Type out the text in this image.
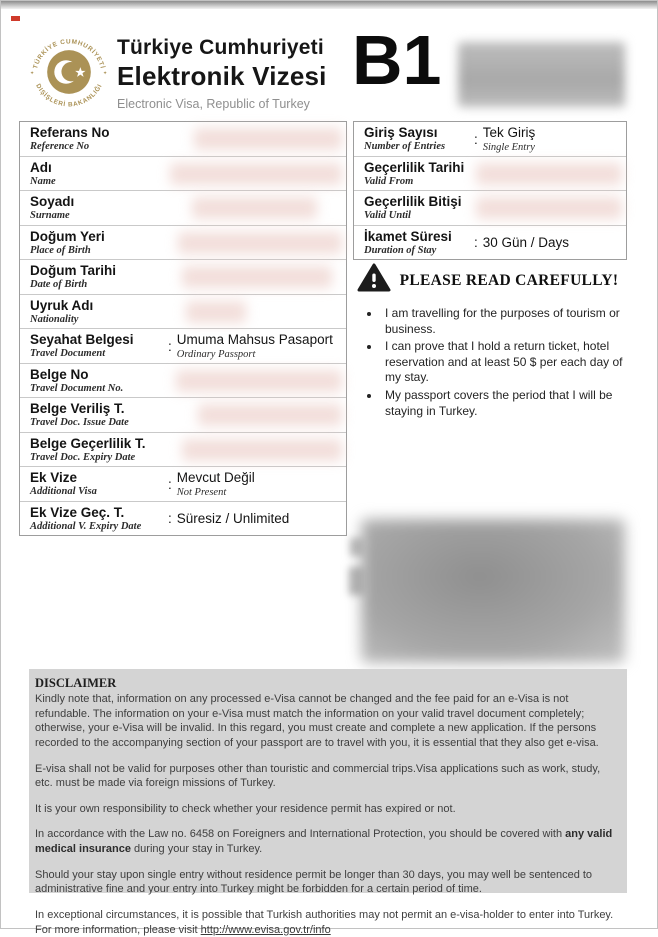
TÜRKİYE CUMHURİYETİ
DIŞİŞLERİ BAKANLIĞI
✦	✦
Türkiye Cumhuriyeti
Elektronik Vizesi
Electronic Visa, Republic of Turkey
B1
Referans No
Reference No
Adı
Name
Soyadı
Surname
Doğum Yeri
Place of Birth
Doğum Tarihi
Date of Birth
Uyruk Adı
Nationality
Seyahat Belgesi
Travel Document	: Umuma Mahsus Pasaport
Ordinary Passport
Belge No
Travel Document No.
Belge Veriliş T.
Travel Doc. Issue Date
Belge Geçerlilik T.
Travel Doc. Expiry Date
Ek Vize
Additional Visa	: Mevcut Değil
Not Present
Ek Vize Geç. T.
Additional V. Expiry Date	: Süresiz / Unlimited
Giriş Sayısı
Number of Entries	: Tek Giriş
Single Entry
Geçerlilik Tarihi
Valid From
Geçerlilik Bitişi
Valid Until
İkamet Süresi
Duration of Stay	: 30 Gün / Days
PLEASE READ CAREFULLY!
• I am travelling for the purposes of tourism or business.
• I can prove that I hold a return ticket, hotel reservation and at least 50 $ per each day of my stay.
• My passport covers the period that I will be staying in Turkey.
DISCLAIMER

Kindly note that, information on any processed e-Visa cannot be changed and the fee paid for an e-Visa is not refundable. The information on your e-Visa must match the information on your valid travel document completely; otherwise, your e-Visa will be invalid. In this regard, you must create and complete a new application. If the persons recorded to the accompanying section of your passport are to travel with you, it is essential that they also get e-visa.

E-visa shall not be valid for purposes other than touristic and commercial trips.Visa applications such as work, study, etc. must be made via foreign missions of Turkey.

It is your own responsibility to check whether your residence permit has expired or not.

In accordance with the Law no. 6458 on Foreigners and International Protection, you should be covered with any valid medical insurance during your stay in Turkey.

Should your stay upon single entry without residence permit be longer than 30 days, you may well be sentenced to administrative fine and your entry into Turkey might be forbidden for a certain period of time.

In exceptional circumstances, it is possible that Turkish authorities may not permit an e-visa-holder to enter into Turkey.
For more information, please visit http://www.evisa.gov.tr/info
